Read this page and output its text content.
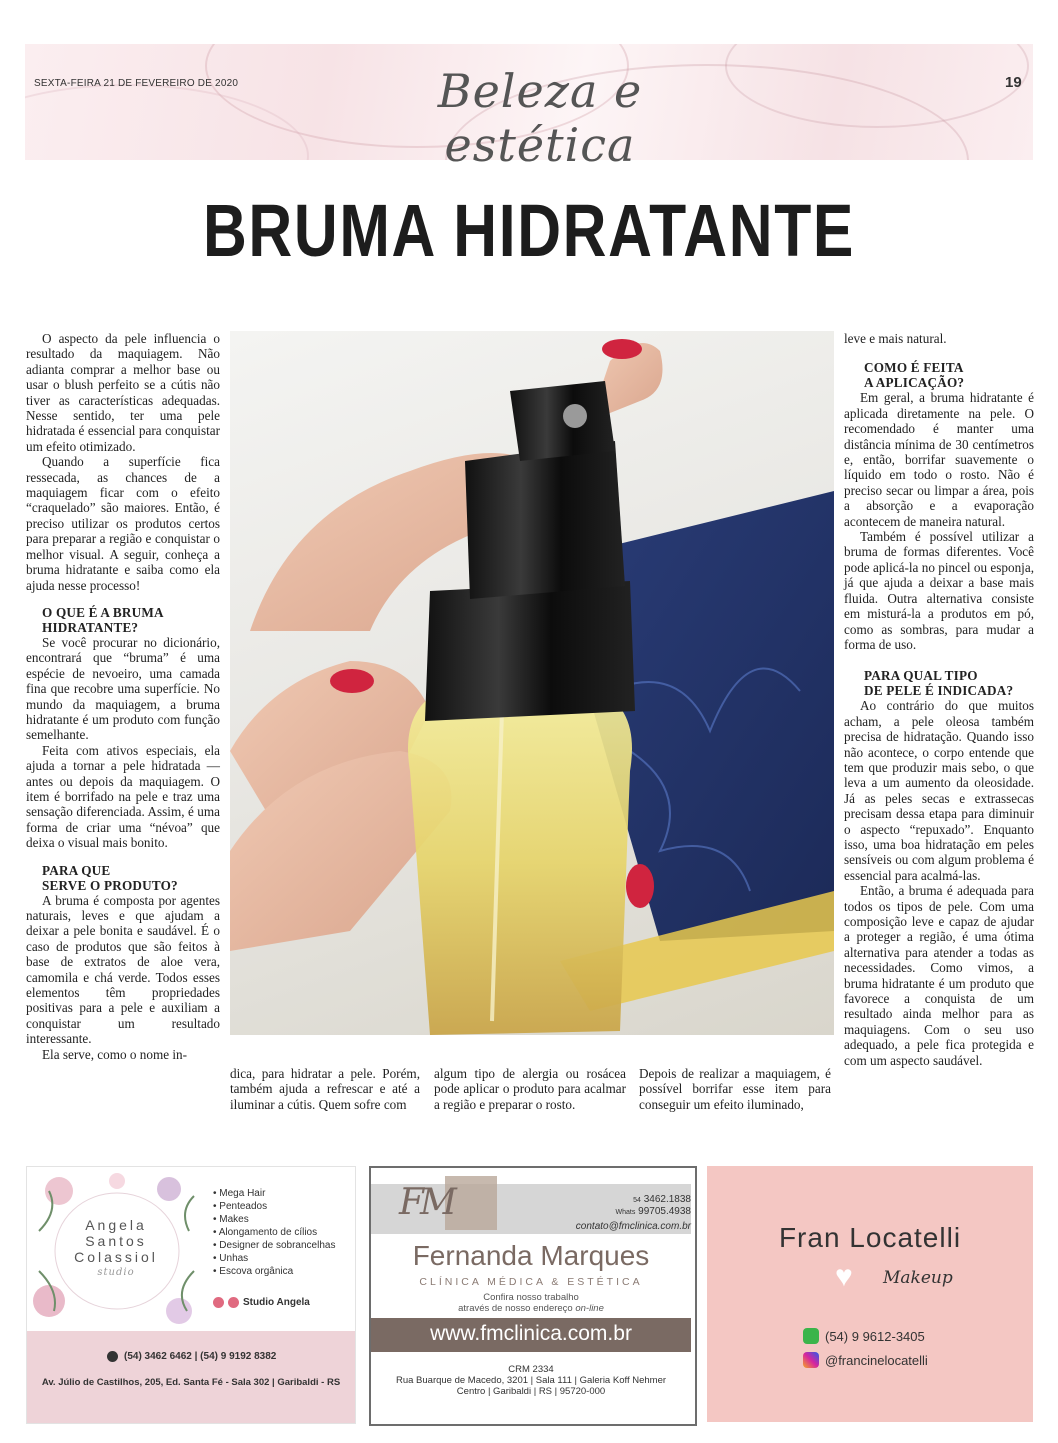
SEXTA-FEIRA 21 DE FEVEREIRO DE 2020	Beleza e estética
19
BRUMA HIDRATANTE

O aspecto da pele influencia o resultado da maquiagem. Não adianta comprar a melhor base ou usar o blush perfeito se a cútis não tiver as características adequadas. Nesse sentido, ter uma pele hidratada é essencial para conquistar um efeito otimizado.

Quando a superfície fica ressecada, as chances de a maquiagem ficar com o efeito “craquelado” são maiores. Então, é preciso utilizar os produtos certos para preparar a região e conquistar o melhor visual. A seguir, conheça a bruma hidratante e saiba como ela ajuda nesse processo!

O QUE É A BRUMA
HIDRATANTE?

Se você procurar no dicionário, encontrará que “bruma” é uma espécie de nevoeiro, uma camada fina que recobre uma superfície. No mundo da maquiagem, a bruma hidratante é um produto com função semelhante.

Feita com ativos especiais, ela ajuda a tornar a pele hidratada — antes ou depois da maquiagem. O item é borrifado na pele e traz uma sensação diferenciada. Assim, é uma forma de criar uma “névoa” que deixa o visual mais bonito.

PARA QUE
SERVE O PRODUTO?

A bruma é composta por agentes naturais, leves e que ajudam a deixar a pele bonita e saudável. É o caso de produtos que são feitos à base de extratos de aloe vera, camomila e chá verde. Todos esses elementos têm propriedades positivas para a pele e auxiliam a conquistar um resultado interessante.

Ela serve, como o nome in-

dica, para hidratar a pele. Porém, também ajuda a refrescar e até a iluminar a cútis. Quem sofre com

algum tipo de alergia ou rosácea pode aplicar o produto para acalmar a região e preparar o rosto.

Depois de realizar a maquiagem, é possível borrifar esse item para conseguir um efeito iluminado,

leve e mais natural.

COMO É FEITA
A APLICAÇÃO?

Em geral, a bruma hidratante é aplicada diretamente na pele. O recomendado é manter uma distância mínima de 30 centímetros e, então, borrifar suavemente o líquido em todo o rosto. Não é preciso secar ou limpar a área, pois a absorção e a evaporação acontecem de maneira natural.

Também é possível utilizar a bruma de formas diferentes. Você pode aplicá-la no pincel ou esponja, já que ajuda a deixar a base mais fluida. Outra alternativa consiste em misturá-la a produtos em pó, como as sombras, para mudar a forma de uso.

PARA QUAL TIPO
DE PELE É INDICADA?

Ao contrário do que muitos acham, a pele oleosa também precisa de hidratação. Quando isso não acontece, o corpo entende que tem que produzir mais sebo, o que leva a um aumento da oleosidade. Já as peles secas e extrassecas precisam dessa etapa para diminuir o aspecto “repuxado”. Enquanto isso, uma boa hidratação em peles sensíveis ou com algum problema é essencial para acalmá-las.

Então, a bruma é adequada para todos os tipos de pele. Com uma composição leve e capaz de ajudar a proteger a região, é uma ótima alternativa para atender a todas as necessidades. Como vimos, a bruma hidratante é um produto que favorece a conquista de um resultado ainda melhor para as maquiagens. Com o seu uso adequado, a pele fica protegida e com um aspecto saudável.

Angela
Santos
Colassiol
studio
• Mega Hair
• Penteados
• Makes
• Alongamento de cílios
• Designer de sobrancelhas
• Unhas
• Escova orgânica
Studio Angela
(54) 3462 6462 | (54) 9 9192 8382
Av. Júlio de Castilhos, 205, Ed. Santa Fé - Sala 302 | Garibaldi - RS
FM	54 3462.1838
Whats 99705.4938
contato@fmclinica.com.br
Fernanda Marques
CLÍNICA MÉDICA & ESTÉTICA
Confira nosso trabalho
através de nosso endereço on-line
www.fmclinica.com.br
CRM 2334
Rua Buarque de Macedo, 3201 | Sala 111 | Galeria Koff Nehmer
Centro | Garibaldi | RS | 95720-000
Fran Locatelli
♥ Makeup
(54) 9 9612-3405
@francinelocatelli
